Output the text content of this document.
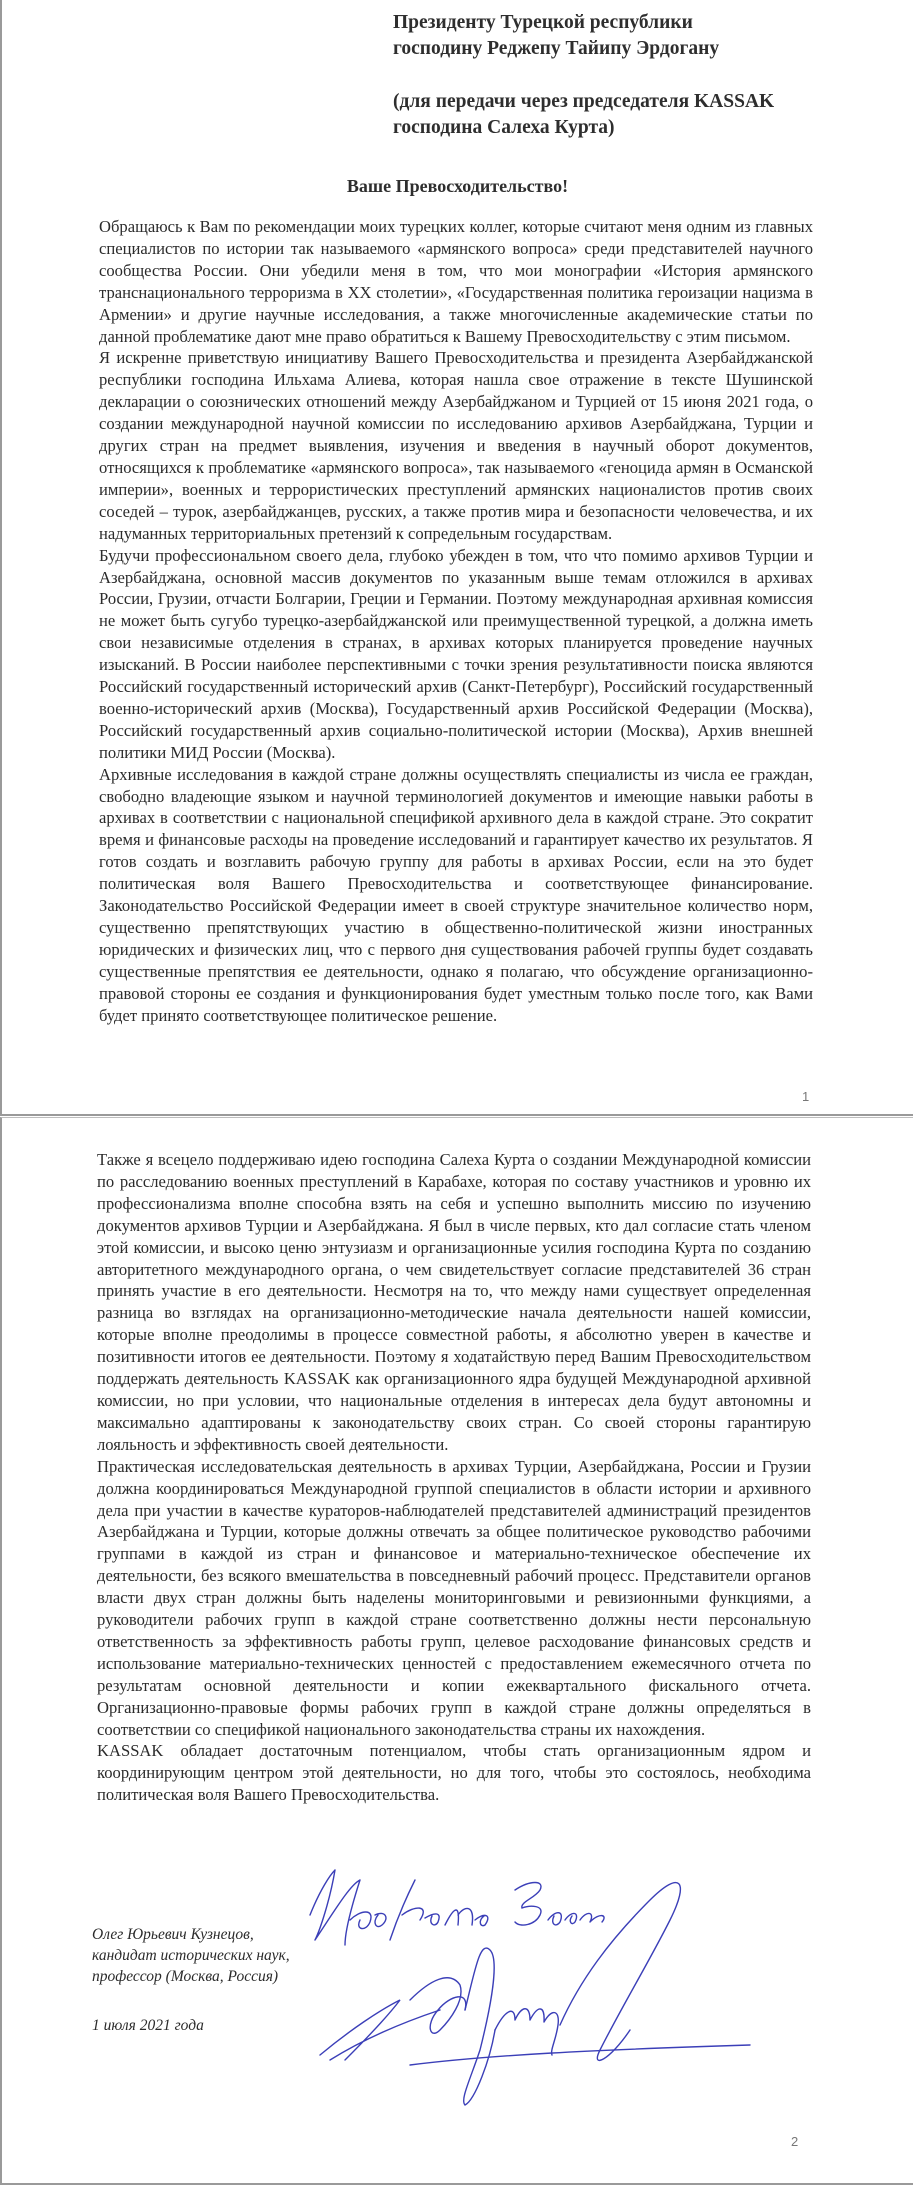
Президенту Турецкой республики

господину Реджепу Тайипу Эрдогану

(для передачи через председателя KASSAK

господина Салеха Курта)

Ваше Превосходительство!

Обращаюсь к Вам по рекомендации моих турецких коллег, которые считают меня одним из главных специалистов по истории так называемого «армянского вопроса» среди представителей научного сообщества России. Они убедили меня в том, что мои монографии «История армянского транснационального терроризма в XX столетии», «Государственная политика героизации нацизма в Армении» и другие научные исследования, а также многочисленные академические статьи по данной проблематике дают мне право обратиться к Вашему Превосходительству с этим письмом.

Я искренне приветствую инициативу Вашего Превосходительства и президента Азербайджанской республики господина Ильхама Алиева, которая нашла свое отражение в тексте Шушинской декларации о союзнических отношений между Азербайджаном и Турцией от 15 июня 2021 года, о создании международной научной комиссии по исследованию архивов Азербайджана, Турции и других стран на предмет выявления, изучения и введения в научный оборот документов, относящихся к проблематике «армянского вопроса», так называемого «геноцида армян в Османской империи», военных и террористических преступлений армянских националистов против своих соседей – турок, азербайджанцев, русских, а также против мира и безопасности человечества, и их надуманных территориальных претензий к сопредельным государствам.

Будучи профессиональном своего дела, глубоко убежден в том, что что помимо архивов Турции и Азербайджана, основной массив документов по указанным выше темам отложился в архивах России, Грузии, отчасти Болгарии, Греции и Германии. Поэтому международная архивная комиссия не может быть сугубо турецко-азербайджанской или преимущественной турецкой, а должна иметь свои независимые отделения в странах, в архивах которых планируется проведение научных изысканий. В России наиболее перспективными с точки зрения результативности поиска являются Российский государственный исторический архив (Санкт-Петербург), Российский государственный военно-исторический архив (Москва), Государственный архив Российской Федерации (Москва), Российский государственный архив социально-политической истории (Москва), Архив внешней политики МИД России (Москва).

Архивные исследования в каждой стране должны осуществлять специалисты из числа ее граждан, свободно владеющие языком и научной терминологией документов и имеющие навыки работы в архивах в соответствии с национальной спецификой архивного дела в каждой стране. Это сократит время и финансовые расходы на проведение исследований и гарантирует качество их результатов. Я готов создать и возглавить рабочую группу для работы в архивах России, если на это будет политическая воля Вашего Превосходительства и соответствующее финансирование. Законодательство Российской Федерации имеет в своей структуре значительное количество норм, существенно препятствующих участию в общественно-политической жизни иностранных юридических и физических лиц, что с первого дня существования рабочей группы будет создавать существенные препятствия ее деятельности, однако я полагаю, что обсуждение организационно-правовой стороны ее создания и функционирования будет уместным только после того, как Вами будет принято соответствующее политическое решение.

1

Также я всецело поддерживаю идею господина Салеха Курта о создании Международной комиссии по расследованию военных преступлений в Карабахе, которая по составу участников и уровню их профессионализма вполне способна взять на себя и успешно выполнить миссию по изучению документов архивов Турции и Азербайджана. Я был в числе первых, кто дал согласие стать членом этой комиссии, и высоко ценю энтузиазм и организационные усилия господина Курта по созданию авторитетного международного органа, о чем свидетельствует согласие представителей 36 стран принять участие в его деятельности. Несмотря на то, что между нами существует определенная разница во взглядах на организационно-методические начала деятельности нашей комиссии, которые вполне преодолимы в процессе совместной работы, я абсолютно уверен в качестве и позитивности итогов ее деятельности. Поэтому я ходатайствую перед Вашим Превосходительством поддержать деятельность KASSAK как организационного ядра будущей Международной архивной комиссии, но при условии, что национальные отделения в интересах дела будут автономны и максимально адаптированы к законодательству своих стран. Со своей стороны гарантирую лояльность и эффективность своей деятельности.

Практическая исследовательская деятельность в архивах Турции, Азербайджана, России и Грузии должна координироваться Международной группой специалистов в области истории и архивного дела при участии в качестве кураторов-наблюдателей представителей администраций президентов Азербайджана и Турции, которые должны отвечать за общее политическое руководство рабочими группами в каждой из стран и финансовое и материально-техническое обеспечение их деятельности, без всякого вмешательства в повседневный рабочий процесс. Представители органов власти двух стран должны быть наделены мониторинговыми и ревизионными функциями, а руководители рабочих групп в каждой стране соответственно должны нести персональную ответственность за эффективность работы групп, целевое расходование финансовых средств и использование материально-технических ценностей с предоставлением ежемесячного отчета по результатам основной деятельности и копии ежеквартального фискального отчета. Организационно-правовые формы рабочих групп в каждой стране должны определяться в соответствии со спецификой национального законодательства страны их нахождения.

KASSAK обладает достаточным потенциалом, чтобы стать организационным ядром и координирующим центром этой деятельности, но для того, чтобы это состоялось, необходима политическая воля Вашего Превосходительства.

Олег Юрьевич Кузнецов,

кандидат исторических наук,

профессор (Москва, Россия)

1 июля 2021 года
2
